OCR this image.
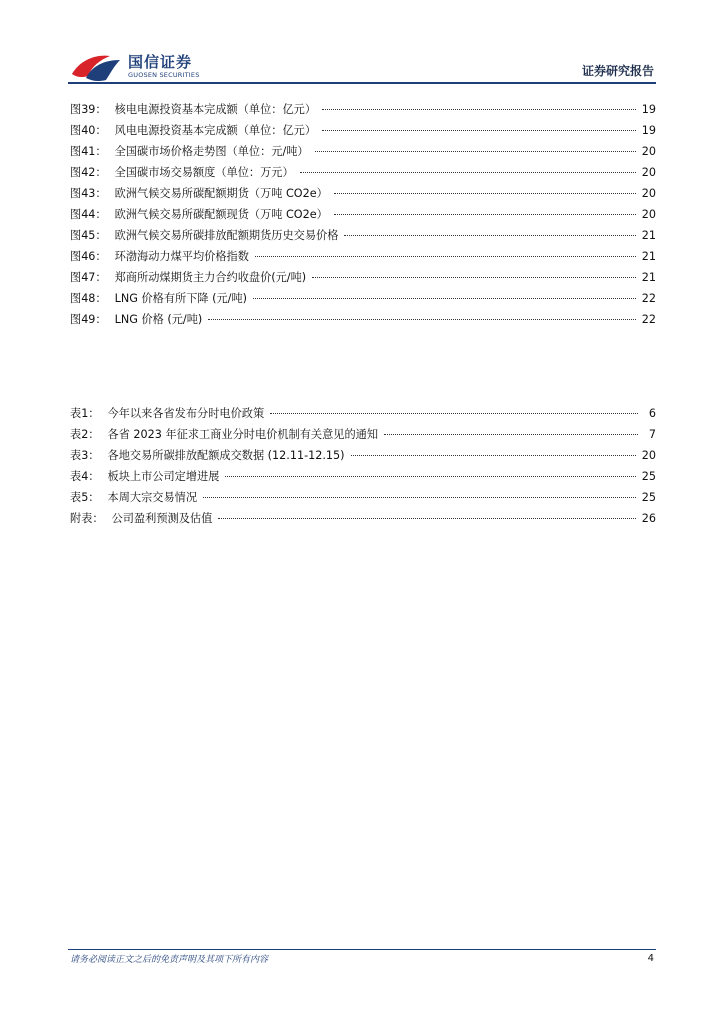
国信证券
GUOSEN SECURITIES	证券研究报告
图39： 核电电源投资基本完成额（单位：亿元）	19
图40： 风电电源投资基本完成额（单位：亿元）	19
图41： 全国碳市场价格走势图（单位：元/吨）	20
图42： 全国碳市场交易额度（单位：万元）	20
图43： 欧洲气候交易所碳配额期货（万吨 CO2e）	20
图44： 欧洲气候交易所碳配额现货（万吨 CO2e）	20
图45： 欧洲气候交易所碳排放配额期货历史交易价格	21
图46： 环渤海动力煤平均价格指数	21
图47： 郑商所动煤期货主力合约收盘价(元/吨)	21
图48： LNG 价格有所下降 (元/吨)	22
图49： LNG 价格 (元/吨)	22
表1： 今年以来各省发布分时电价政策	6
表2： 各省 2023 年征求工商业分时电价机制有关意见的通知	7
表3： 各地交易所碳排放配额成交数据 (12.11-12.15)	20
表4： 板块上市公司定增进展	25
表5： 本周大宗交易情况	25
附表： 公司盈利预测及估值	26
请务必阅读正文之后的免责声明及其项下所有内容	4
